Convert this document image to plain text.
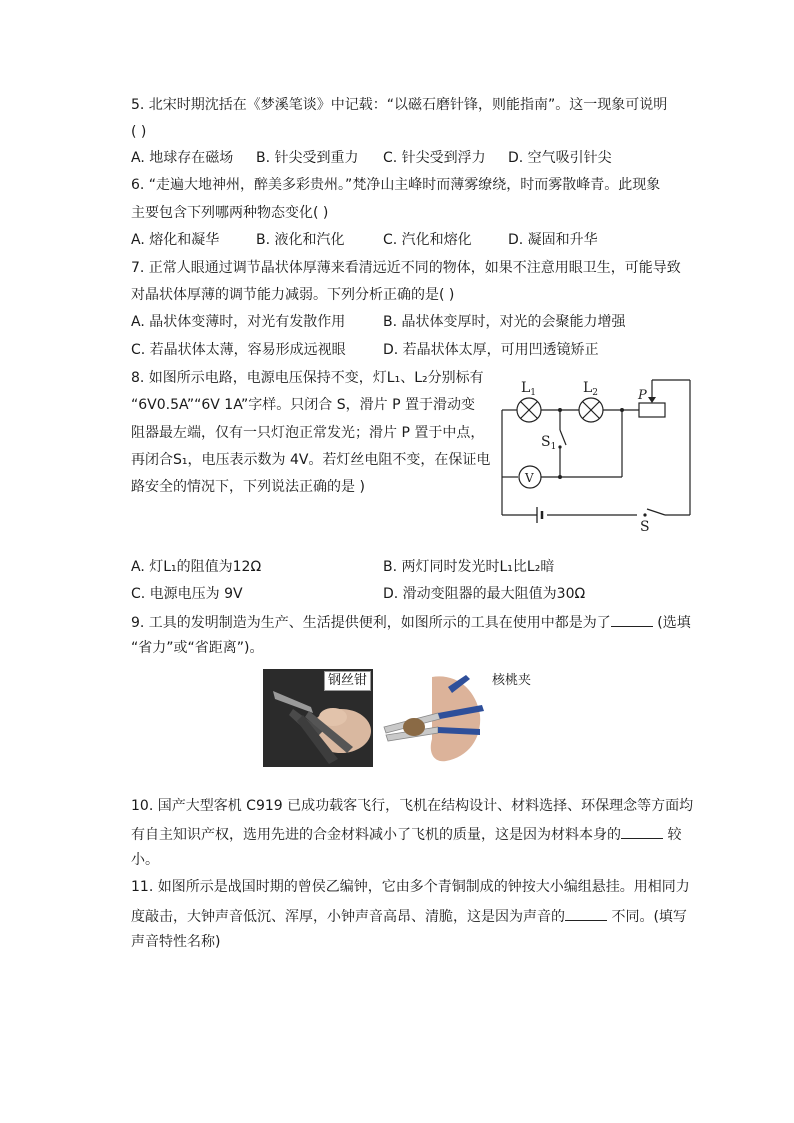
5. 北宋时期沈括在《梦溪笔谈》中记载：“以磁石磨针锋，则能指南”。这一现象可说明
( )
A. 地球存在磁场 B. 针尖受到重力 C. 针尖受到浮力 D. 空气吸引针尖
6. “走遍大地神州，醉美多彩贵州。”梵净山主峰时而薄雾缭绕，时而雾散峰青。此现象
主要包含下列哪两种物态变化( )
A. 熔化和凝华	B. 液化和汽化	C. 汽化和熔化	D. 凝固和升华
7. 正常人眼通过调节晶状体厚薄来看清远近不同的物体，如果不注意用眼卫生，可能导致
对晶状体厚薄的调节能力减弱。下列分析正确的是( )
A. 晶状体变薄时，对光有发散作用	B. 晶状体变厚时，对光的会聚能力增强
C. 若晶状体太薄，容易形成远视眼	D. 若晶状体太厚，可用凹透镜矫正
8. 如图所示电路，电源电压保持不变，灯L₁、L₂分别标有
“6V0.5A”“6V 1A”字样。只闭合 S，滑片 P 置于滑动变
阻器最左端，仅有一只灯泡正常发光；滑片 P 置于中点，
再闭合S₁，电压表示数为 4V。若灯丝电阻不变，在保证电
路安全的情况下，下列说法正确的是 )
$L_1$	$L_2$	P
$S_1$
V
S
A. 灯L₁的阻值为12Ω	B. 两灯同时发光时L₁比L₂暗
C. 电源电压为 9V	D. 滑动变阻器的最大阻值为30Ω
9. 工具的发明制造为生产、生活提供便利，如图所示的工具在使用中都是为了	(选填
“省力”或“省距离”)。
钢丝钳	核桃夹
10. 国产大型客机 C919 已成功载客飞行，飞机在结构设计、材料选择、环保理念等方面均
有自主知识产权，选用先进的合金材料减小了飞机的质量，这是因为材料本身的	较
小。
11. 如图所示是战国时期的曾侯乙编钟，它由多个青铜制成的钟按大小编组悬挂。用相同力
度敲击，大钟声音低沉、浑厚，小钟声音高昂、清脆，这是因为声音的	不同。(填写
声音特性名称)
